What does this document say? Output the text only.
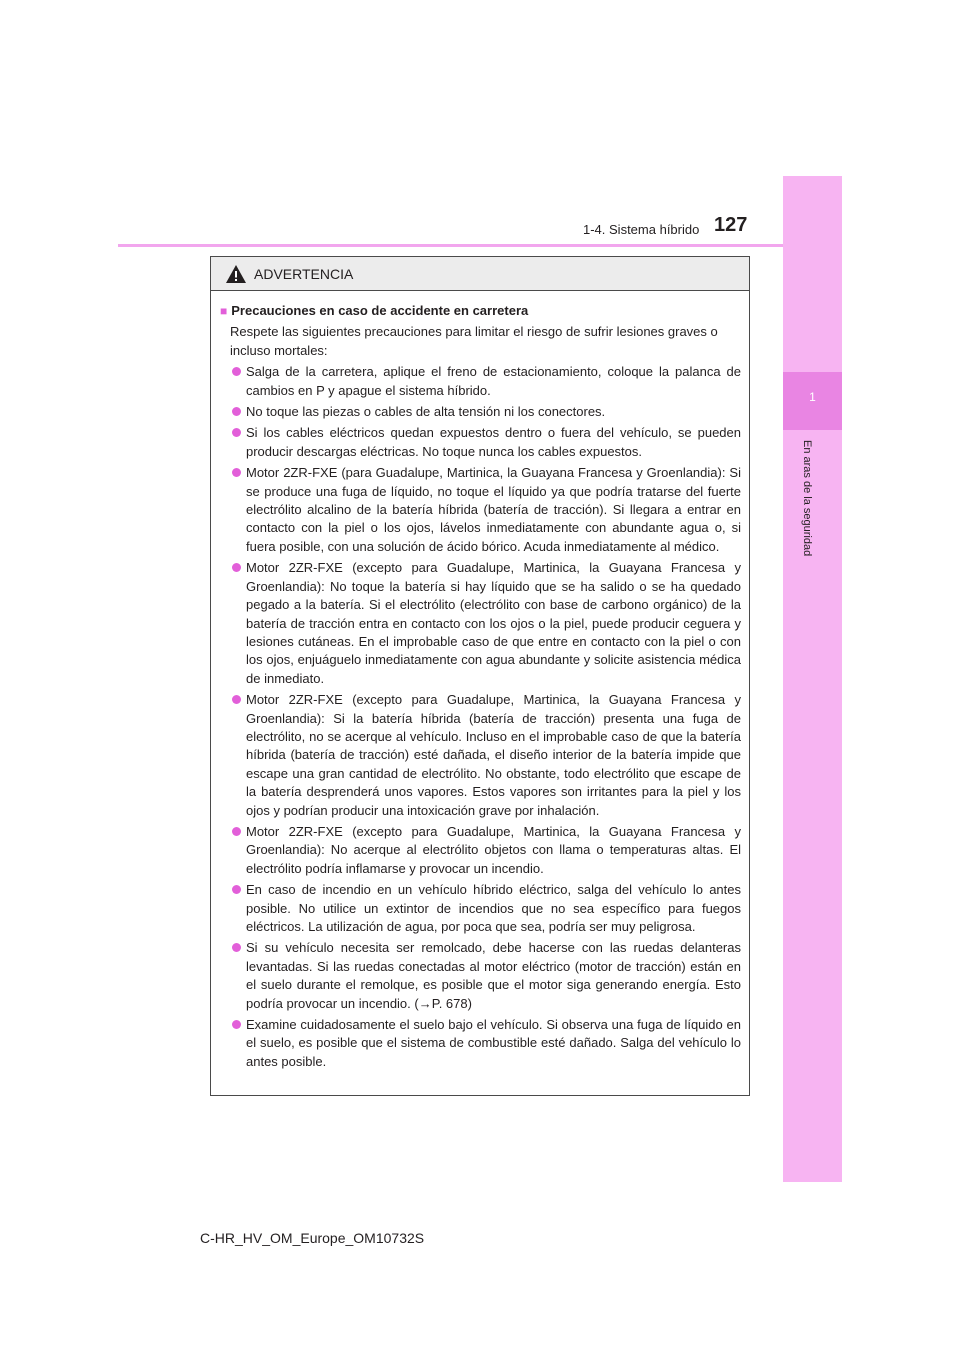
1
En aras de la seguridad
1-4. Sistema híbrido 127
ADVERTENCIA
■ Precauciones en caso de accidente en carretera
Respete las siguientes precauciones para limitar el riesgo de sufrir lesiones graves o incluso mortales:
Salga de la carretera, aplique el freno de estacionamiento, coloque la palanca de cambios en P y apague el sistema híbrido.
No toque las piezas o cables de alta tensión ni los conectores.
Si los cables eléctricos quedan expuestos dentro o fuera del vehículo, se pueden producir descargas eléctricas. No toque nunca los cables expuestos.
Motor 2ZR-FXE (para Guadalupe, Martinica, la Guayana Francesa y Groenlandia): Si se produce una fuga de líquido, no toque el líquido ya que podría tratarse del fuerte electrólito alcalino de la batería híbrida (batería de tracción). Si llegara a entrar en contacto con la piel o los ojos, lávelos inmediatamente con abundante agua o, si fuera posible, con una solución de ácido bórico. Acuda inmediatamente al médico.
Motor 2ZR-FXE (excepto para Guadalupe, Martinica, la Guayana Francesa y Groenlandia): No toque la batería si hay líquido que se ha salido o se ha quedado pegado a la batería. Si el electrólito (electrólito con base de carbono orgánico) de la batería de tracción entra en contacto con los ojos o la piel, puede producir ceguera y lesiones cutáneas. En el improbable caso de que entre en contacto con la piel o con los ojos, enjuáguelo inmediatamente con agua abundante y solicite asistencia médica de inmediato.
Motor 2ZR-FXE (excepto para Guadalupe, Martinica, la Guayana Francesa y Groenlandia): Si la batería híbrida (batería de tracción) presenta una fuga de electrólito, no se acerque al vehículo. Incluso en el improbable caso de que la batería híbrida (batería de tracción) esté dañada, el diseño interior de la batería impide que escape una gran cantidad de electrólito. No obstante, todo electrólito que escape de la batería desprenderá unos vapores. Estos vapores son irritantes para la piel y los ojos y podrían producir una intoxicación grave por inhalación.
Motor 2ZR-FXE (excepto para Guadalupe, Martinica, la Guayana Francesa y Groenlandia): No acerque al electrólito objetos con llama o temperaturas altas. El electrólito podría inflamarse y provocar un incendio.
En caso de incendio en un vehículo híbrido eléctrico, salga del vehículo lo antes posible. No utilice un extintor de incendios que no sea específico para fuegos eléctricos. La utilización de agua, por poca que sea, podría ser muy peligrosa.
Si su vehículo necesita ser remolcado, debe hacerse con las ruedas delanteras levantadas. Si las ruedas conectadas al motor eléctrico (motor de tracción) están en el suelo durante el remolque, es posible que el motor siga generando energía. Esto podría provocar un incendio. (→P. 678)
Examine cuidadosamente el suelo bajo el vehículo. Si observa una fuga de líquido en el suelo, es posible que el sistema de combustible esté dañado. Salga del vehículo lo antes posible.
C-HR_HV_OM_Europe_OM10732S
